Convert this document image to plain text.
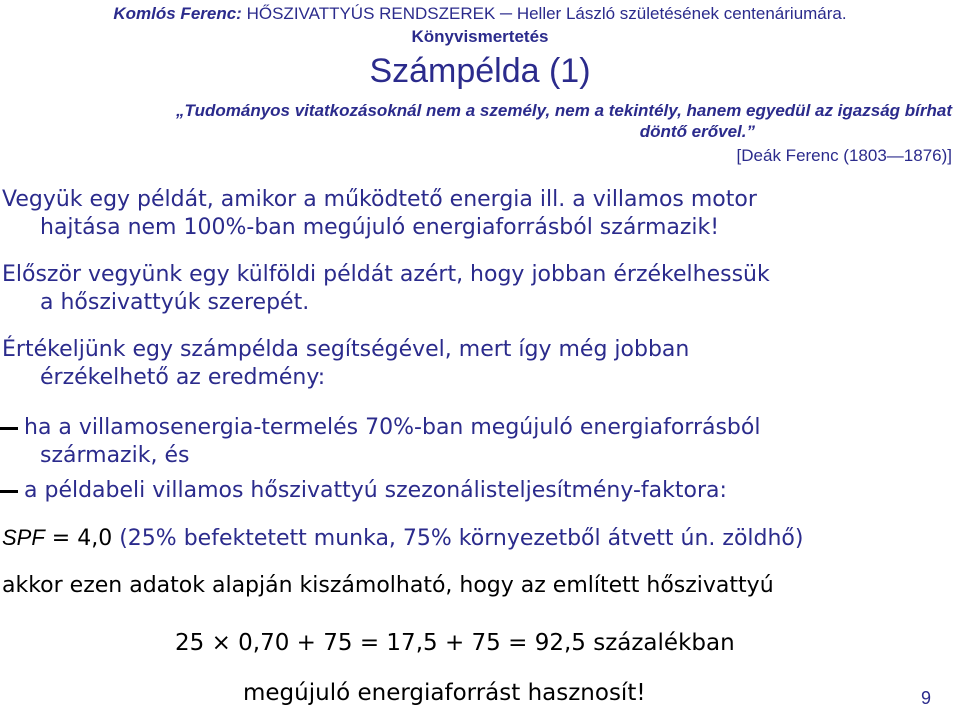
Komlós Ferenc: HŐSZIVATTYÚS RENDSZEREK ─ Heller László születésének centenáriumára.
Könyvismertetés
Számpélda (1)
„Tudományos vitatkozásoknál nem a személy, nem a tekintély, hanem egyedül az igazság bírhat
döntő erővel.”
[Deák Ferenc (1803—1876)]
Vegyük egy példát, amikor a működtető energia ill. a villamos motor
hajtása nem 100%-ban megújuló energiaforrásból származik!
Először vegyünk egy külföldi példát azért, hogy jobban érzékelhessük
a hőszivattyúk szerepét.
Értékeljünk egy számpélda segítségével, mert így még jobban
érzékelhető az eredmény:
ha a villamosenergia-termelés 70%-ban megújuló energiaforrásból
származik, és
a példabeli villamos hőszivattyú szezonálisteljesítmény-faktora:
SPF = 4,0 (25% befektetett munka, 75% környezetből átvett ún. zöldhő)
akkor ezen adatok alapján kiszámolható, hogy az említett hőszivattyú
25 × 0,70 + 75 = 17,5 + 75 = 92,5 százalékban
megújuló energiaforrást hasznosít!	9
